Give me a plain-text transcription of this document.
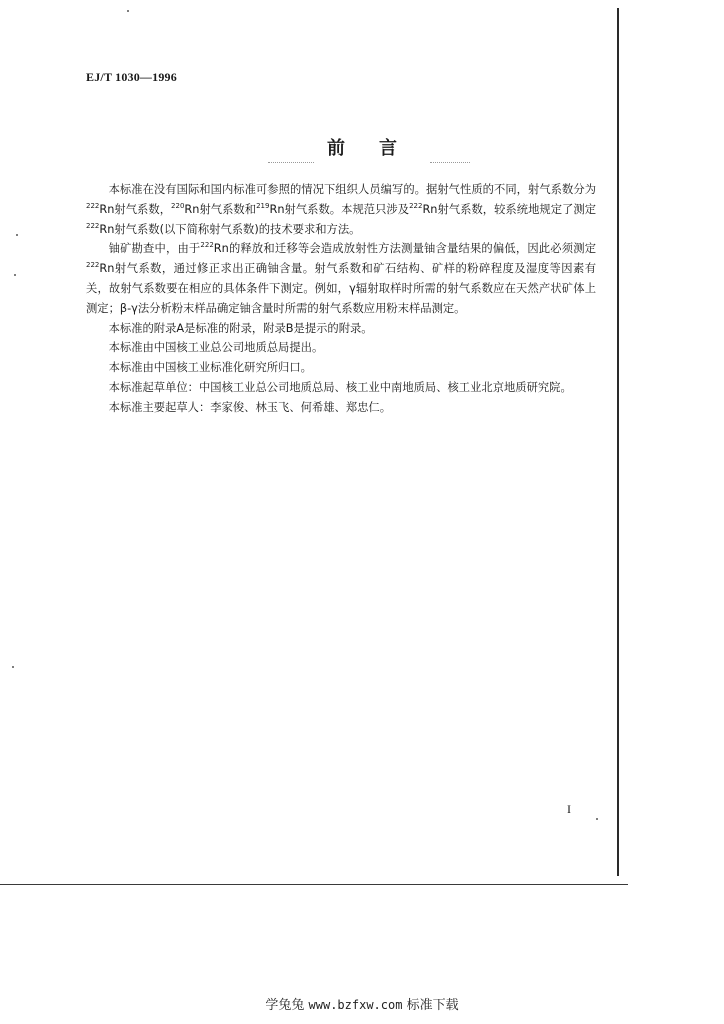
EJ/T 1030—1996
前言

本标准在没有国际和国内标准可参照的情况下组织人员编写的。据射气性质的不同，射气系数分为$^{222}$Rn射气系数，$^{220}$Rn射气系数和$^{219}$Rn射气系数。本规范只涉及$^{222}$Rn射气系数，较系统地规定了测定$^{222}$Rn射气系数(以下简称射气系数)的技术要求和方法。

铀矿勘查中，由于$^{222}$Rn的释放和迁移等会造成放射性方法测量铀含量结果的偏低，因此必须测定$^{222}$Rn射气系数，通过修正求出正确铀含量。射气系数和矿石结构、矿样的粉碎程度及湿度等因素有关，故射气系数要在相应的具体条件下测定。例如，γ辐射取样时所需的射气系数应在天然产状矿体上测定；β-γ法分析粉末样品确定铀含量时所需的射气系数应用粉末样品测定。

本标准的附录A是标准的附录，附录B是提示的附录。

本标准由中国核工业总公司地质总局提出。

本标准由中国核工业标准化研究所归口。

本标准起草单位：中国核工业总公司地质总局、核工业中南地质局、核工业北京地质研究院。

本标准主要起草人：李家俊、林玉飞、何希雄、郑忠仁。

I
学兔兔 www.bzfxw.com 标准下载
